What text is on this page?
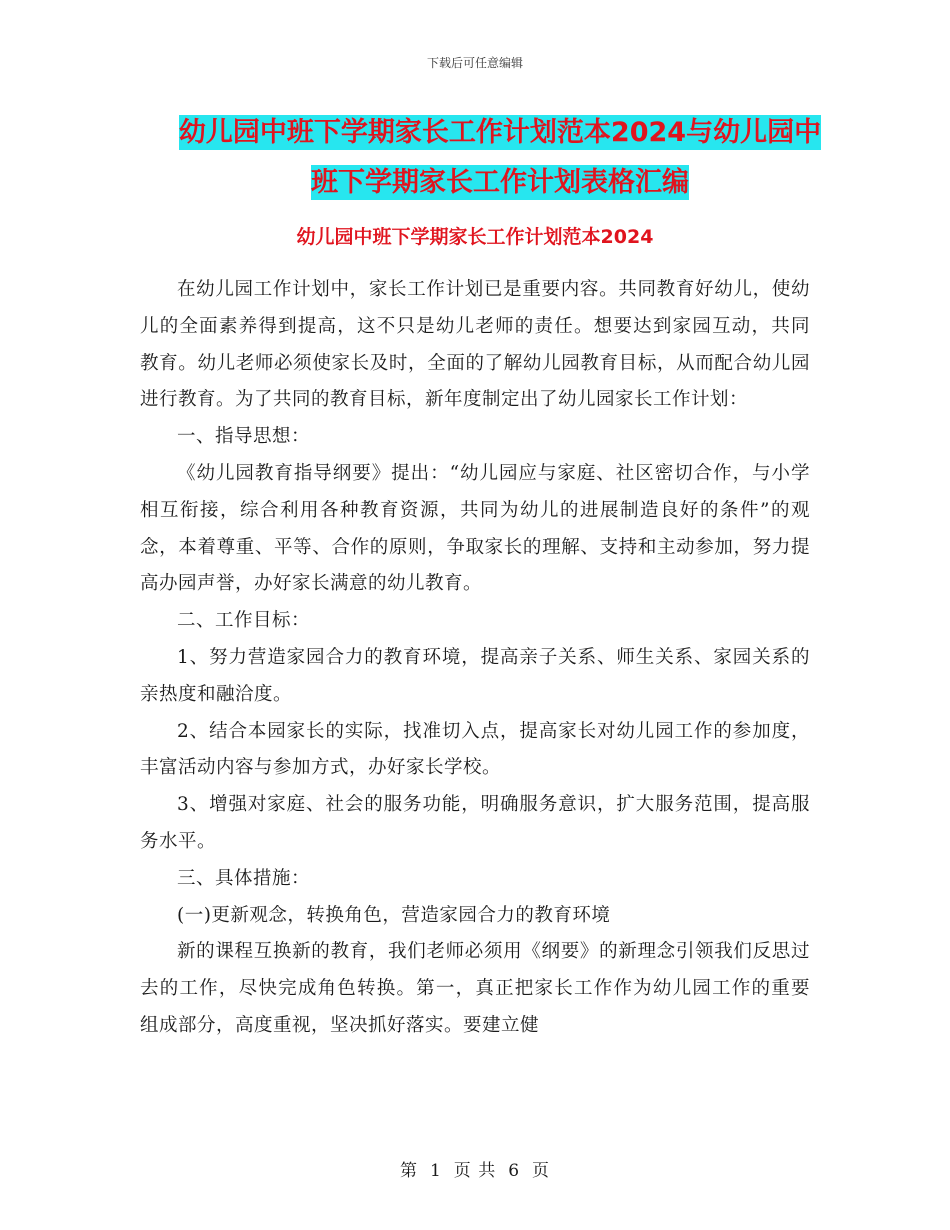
下载后可任意编辑
幼儿园中班下学期家长工作计划范本2024与幼儿园中
班下学期家长工作计划表格汇编
幼儿园中班下学期家长工作计划范本2024

在幼儿园工作计划中，家长工作计划已是重要内容。共同教育好幼儿，使幼儿的全面素养得到提高，这不只是幼儿老师的责任。想要达到家园互动，共同 教育。幼儿老师必须使家长及时，全面的了解幼儿园教育目标，从而配合幼儿园进行教育。为了共同的教育目标，新年度制定出了幼儿园家长工作计划：

一、指导思想：

《幼儿园教育指导纲要》提出：“幼儿园应与家庭、社区密切合作，与小学相互衔接，综合利用各种教育资源，共同为幼儿的进展制造良好的条件”的观念，本着尊重、平等、合作的原则，争取家长的理解、支持和主动参加，努力提高办园声誉，办好家长满意的幼儿教育。

二、工作目标：

1、努力营造家园合力的教育环境，提高亲子关系、师生关系、家园关系的亲热度和融洽度。

2、结合本园家长的实际，找准切入点，提高家长对幼儿园工作的参加度，丰富活动内容与参加方式，办好家长学校。

3、增强对家庭、社会的服务功能，明确服务意识，扩大服务范围，提高服务水平。

三、具体措施：

(一)更新观念，转换角色，营造家园合力的教育环境

新的课程互换新的教育，我们老师必须用《纲要》的新理念引领我们反思过去的工作，尽快完成角色转换。第一，真正把家长工作作为幼儿园工作的重要 组成部分，高度重视，坚决抓好落实。要建立健

第 1 页 共 6 页
